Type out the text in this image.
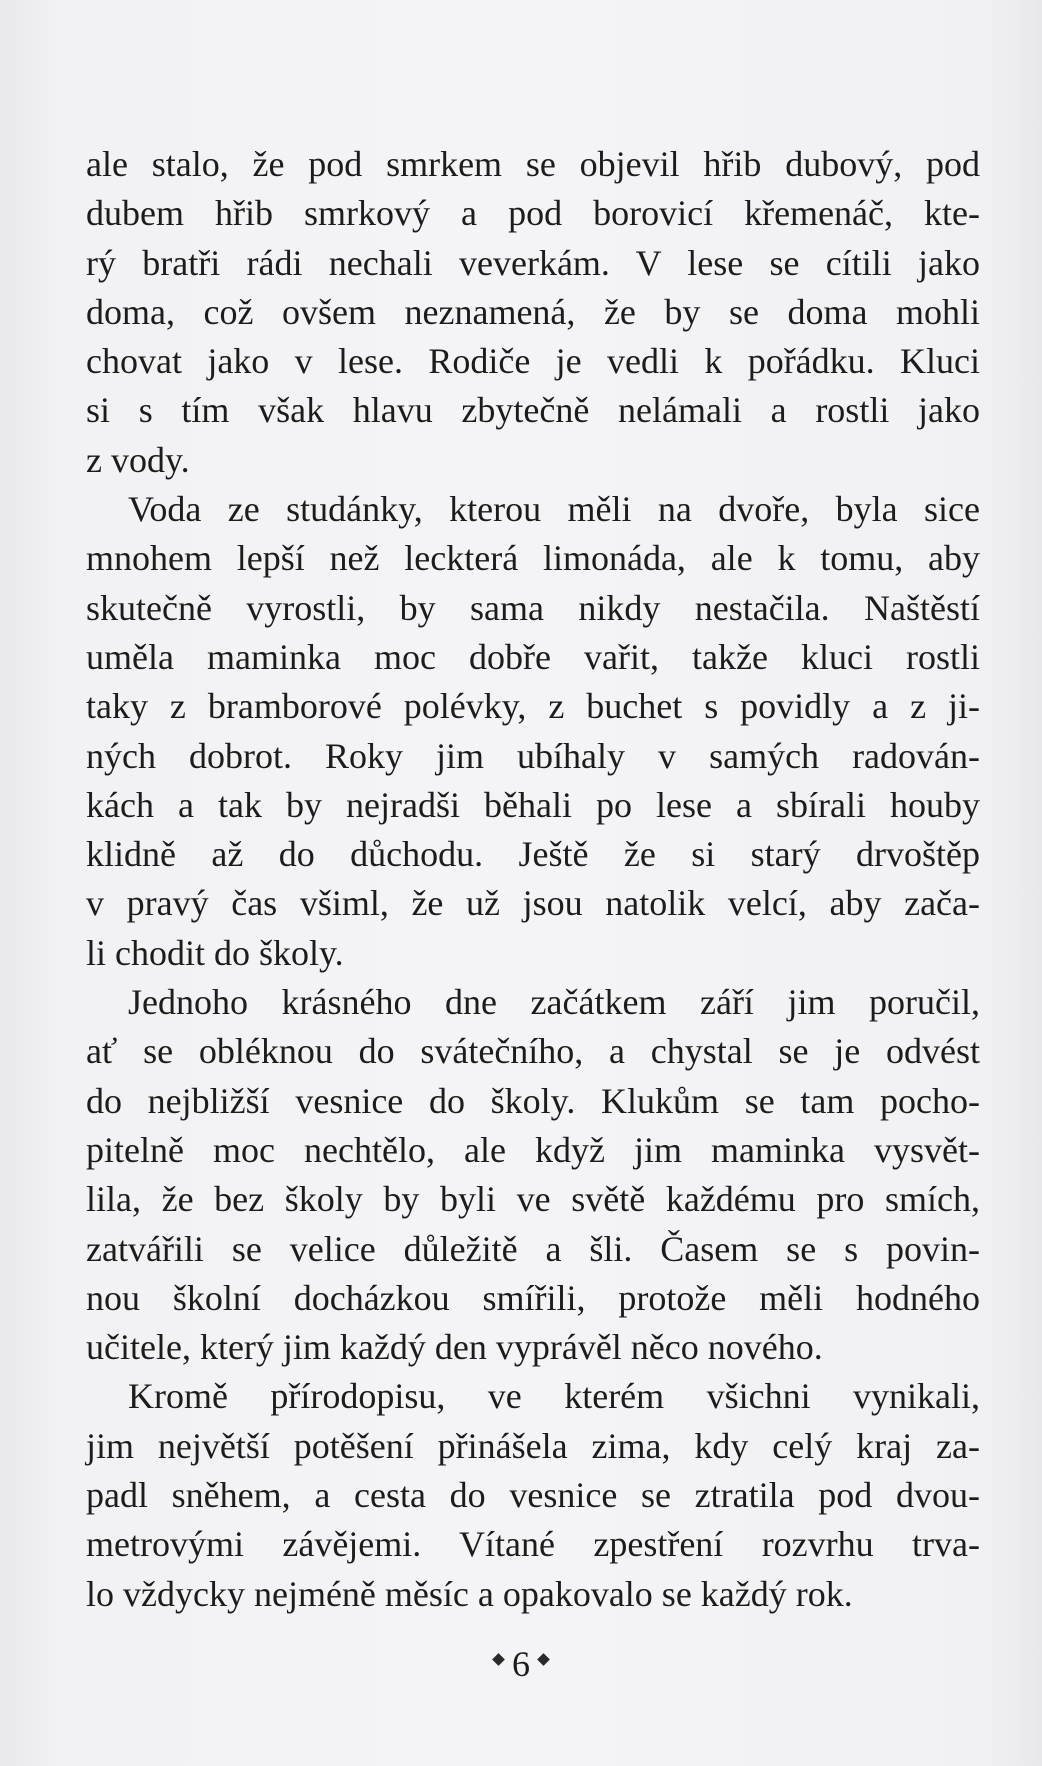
ale stalo, že pod smrkem se objevil hřib dubový, pod
dubem hřib smrkový a pod borovicí křemenáč, kte-
rý bratři rádi nechali veverkám. V lese se cítili jako
doma, což ovšem neznamená, že by se doma mohli
chovat jako v lese. Rodiče je vedli k pořádku. Kluci
si s tím však hlavu zbytečně nelámali a rostli jako
z vody.
Voda ze studánky, kterou měli na dvoře, byla sice
mnohem lepší než leckterá limonáda, ale k tomu, aby
skutečně vyrostli, by sama nikdy nestačila. Naštěstí
uměla maminka moc dobře vařit, takže kluci rostli
taky z bramborové polévky, z buchet s povidly a z ji-
ných dobrot. Roky jim ubíhaly v samých radován-
kách a tak by nejradši běhali po lese a sbírali houby
klidně až do důchodu. Ještě že si starý drvoštěp
v pravý čas všiml, že už jsou natolik velcí, aby zača-
li chodit do školy.
Jednoho krásného dne začátkem září jim poručil,
ať se obléknou do svátečního, a chystal se je odvést
do nejbližší vesnice do školy. Klukům se tam pocho-
pitelně moc nechtělo, ale když jim maminka vysvět-
lila, že bez školy by byli ve světě každému pro smích,
zatvářili se velice důležitě a šli. Časem se s povin-
nou školní docházkou smířili, protože měli hodného
učitele, který jim každý den vyprávěl něco nového.
Kromě přírodopisu, ve kterém všichni vynikali,
jim největší potěšení přinášela zima, kdy celý kraj za-
padl sněhem, a cesta do vesnice se ztratila pod dvou-
metrovými závějemi. Vítané zpestření rozvrhu trva-
lo vždycky nejméně měsíc a opakovalo se každý rok.
6
